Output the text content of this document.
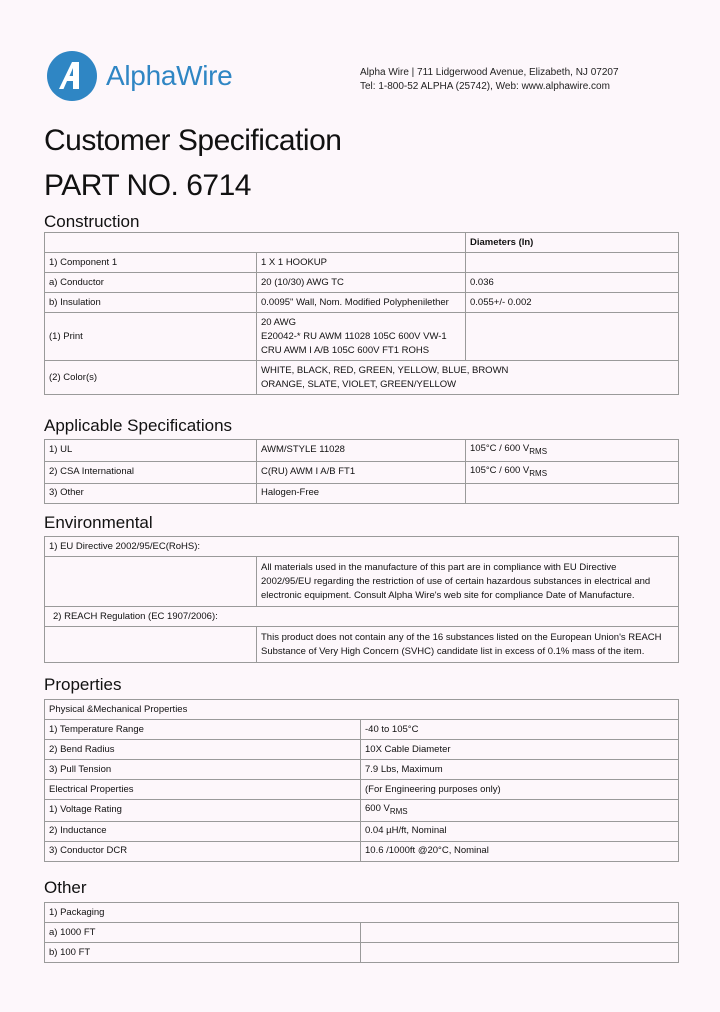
AlphaWire	Alpha Wire | 711 Lidgerwood Avenue, Elizabeth, NJ 07207
Tel: 1-800-52 ALPHA (25742), Web: www.alphawire.com
Customer Specification
PART NO. 6714
Construction
		Diameters (In)
1) Component 1	1 X 1 HOOKUP	
a) Conductor	20 (10/30) AWG TC	0.036
b) Insulation	0.0095" Wall, Nom. Modified Polyphenilether	0.055+/- 0.002
(1) Print	20 AWG
E20042-* RU AWM 11028 105C 600V VW-1
CRU AWM I A/B 105C 600V FT1 ROHS	

(2) Color(s)	WHITE, BLACK, RED, GREEN, YELLOW, BLUE, BROWN
ORANGE, SLATE, VIOLET, GREEN/YELLOW	
Applicable Specifications
1) UL	AWM/STYLE 11028	105°C / 600 $V_{RMS}$
2) CSA International	C(RU) AWM I A/B FT1	105°C / 600 $V_{RMS}$
3) Other	Halogen-Free	
Environmental
1) EU Directive 2002/95/EC(RoHS):	

	All materials used in the manufacture of this part are in compliance with EU Directive
2002/95/EU regarding the restriction of use of certain hazardous substances in electrical and
electronic equipment. Consult Alpha Wire's web site for compliance Date of Manufacture.

2) REACH Regulation (EC 1907/2006):	

	This product does not contain any of the 16 substances listed on the European Union's REACH
Substance of Very High Concern (SVHC) candidate list in excess of 0.1% mass of the item.
Properties
Physical &Mechanical Properties	
1) Temperature Range	-40 to 105°C
2) Bend Radius	10X Cable Diameter
3) Pull Tension	7.9 Lbs, Maximum
Electrical Properties	(For Engineering purposes only)
1) Voltage Rating	600 $V_{RMS}$
2) Inductance	0.04 µH/ft, Nominal
3) Conductor DCR	10.6 /1000ft @20°C, Nominal
Other
1) Packaging	
a) 1000 FT	
b) 100 FT	
